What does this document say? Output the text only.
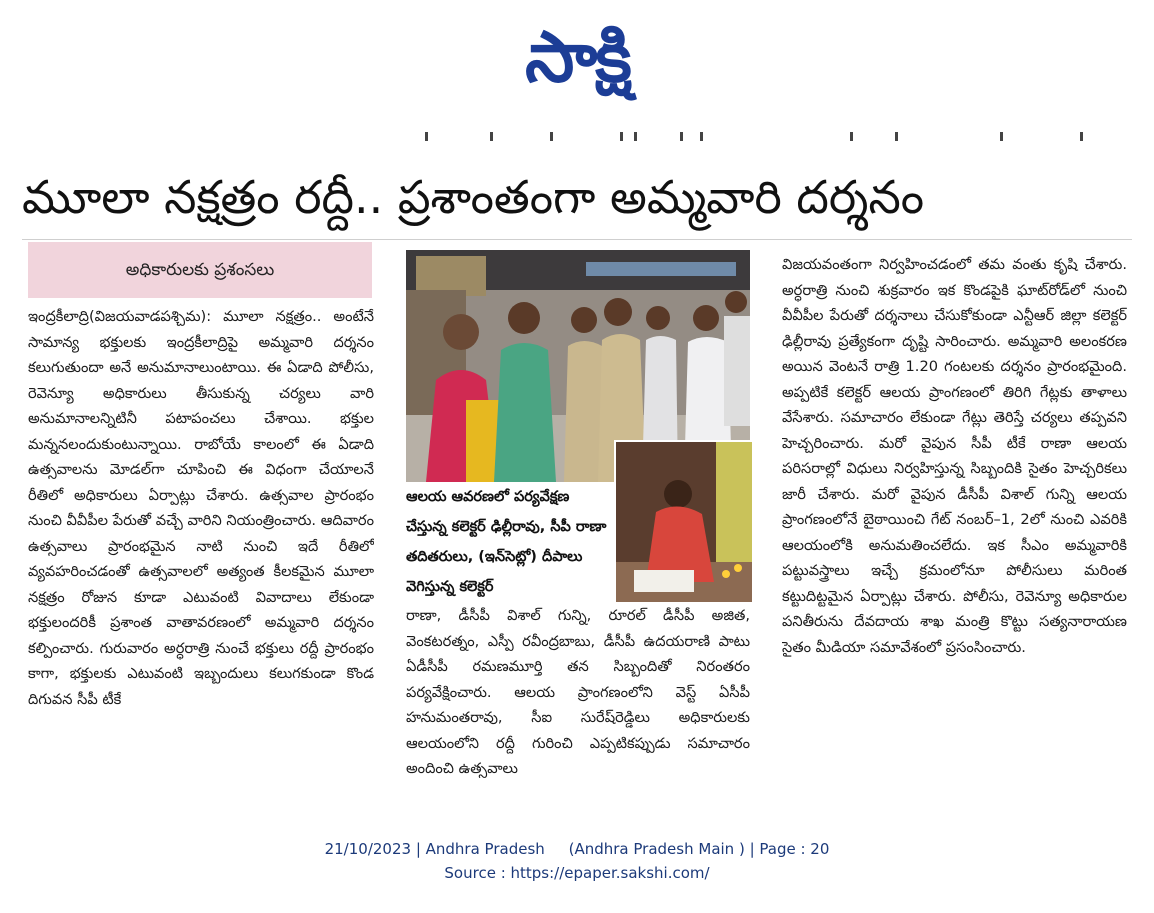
సాక్షి
మూలా నక్షత్రం రద్దీ.. ప్రశాంతంగా అమ్మవారి దర్శనం
అధికారులకు ప్రశంసలు
ఇంద్రకీలాద్రి(విజయవాడపశ్చిమ): మూలా నక్షత్రం.. అంటేనే సామాన్య భక్తులకు ఇంద్రకీలాద్రిపై అమ్మవారి దర్శనం కలుగుతుందా అనే అనుమానాలుంటాయి. ఈ ఏడాది పోలీసు, రెవెన్యూ అధికారులు తీసుకున్న చర్యలు వారి అనుమానాలన్నిటినీ పటాపంచలు చేశాయి. భక్తుల మన్ననలందుకుంటున్నాయి. రాబోయే కాలంలో ఈ ఏడాది ఉత్సవాలను మోడల్‌గా చూపించి ఈ విధంగా చేయాలనే రీతిలో అధికారులు ఏర్పాట్లు చేశారు. ఉత్సవాల ప్రారంభం నుంచి వీవీపీల పేరుతో వచ్చే వారిని నియంత్రించారు. ఆదివారం ఉత్సవాలు ప్రారంభమైన నాటి నుంచి ఇదే రీతిలో వ్యవహరించడంతో ఉత్సవాలలో అత్యంత కీలకమైన మూలా నక్షత్రం రోజున కూడా ఎటువంటి వివాదాలు లేకుండా భక్తులందరికీ ప్రశాంత వాతావరణంలో అమ్మవారి దర్శనం కల్పించారు. గురువారం అర్ధరాత్రి నుంచే భక్తులు రద్దీ ప్రారంభం కాగా, భక్తులకు ఎటువంటి ఇబ్బందులు కలుగకుండా కొండ దిగువన సీపీ టీకే
ఆలయ ఆవరణలో పర్యవేక్షణ చేస్తున్న కలెక్టర్ ఢిల్లీరావు, సీపీ రాణా తదితరులు, (ఇన్‌సెట్లో) దీపాలు వెగిస్తున్న కలెక్టర్
రాణా, డీసీపీ విశాల్ గున్ని, రూరల్ డీసీపీ అజిత, వెంకటరత్నం, ఎస్పీ రవీంద్రబాబు, డీసీపీ ఉదయరాణి పాటు ఏడీసీపీ రమణమూర్తి తన సిబ్బందితో నిరంతరం పర్యవేక్షించారు. ఆలయ ప్రాంగణంలోని వెస్ట్ ఏసీపీ హనుమంతరావు, సీఐ సురేష్‌రెడ్డిలు అధికారులకు ఆలయంలోని రద్దీ గురించి ఎప్పటికప్పుడు సమాచారం అందించి ఉత్సవాలు
విజయవంతంగా నిర్వహించడంలో తమ వంతు కృషి చేశారు. అర్ధరాత్రి నుంచి శుక్రవారం ఇక కొండపైకి ఘాట్‌రోడ్‌లో నుంచి వీవీపీల పేరుతో దర్శనాలు చేసుకోకుండా ఎన్టీఆర్ జిల్లా కలెక్టర్ ఢిల్లీరావు ప్రత్యేకంగా దృష్టి సారించారు. అమ్మవారి అలంకరణ అయిన వెంటనే రాత్రి 1.20 గంటలకు దర్శనం ప్రారంభమైంది. అప్పటికే కలెక్టర్ ఆలయ ప్రాంగణంలో తిరిగి గేట్లకు తాళాలు వేసేశారు. సమాచారం లేకుండా గేట్లు తెరిస్తే చర్యలు తప్పవని హెచ్చరించారు. మరో వైపున సీపీ టీకే రాణా ఆలయ పరిసరాల్లో విధులు నిర్వహిస్తున్న సిబ్బందికి సైతం హెచ్చరికలు జారీ చేశారు. మరో వైపున డీసీపీ విశాల్ గున్ని ఆలయ ప్రాంగణంలోనే బైఠాయించి గేట్ నంబర్–1, 2లో నుంచి ఎవరికి ఆలయంలోకి అనుమతించలేదు. ఇక సీఎం అమ్మవారికి పట్టువస్త్రాలు ఇచ్చే క్రమంలోనూ పోలీసులు మరింత కట్టుదిట్టమైన ఏర్పాట్లు చేశారు. పోలీసు, రెవెన్యూ అధికారుల పనితీరును దేవదాయ శాఖ మంత్రి కొట్టు సత్యనారాయణ సైతం మీడియా సమావేశంలో ప్రసంసించారు.
21/10/2023 | Andhra Pradesh     (Andhra Pradesh Main ) | Page : 20
Source : https://epaper.sakshi.com/
